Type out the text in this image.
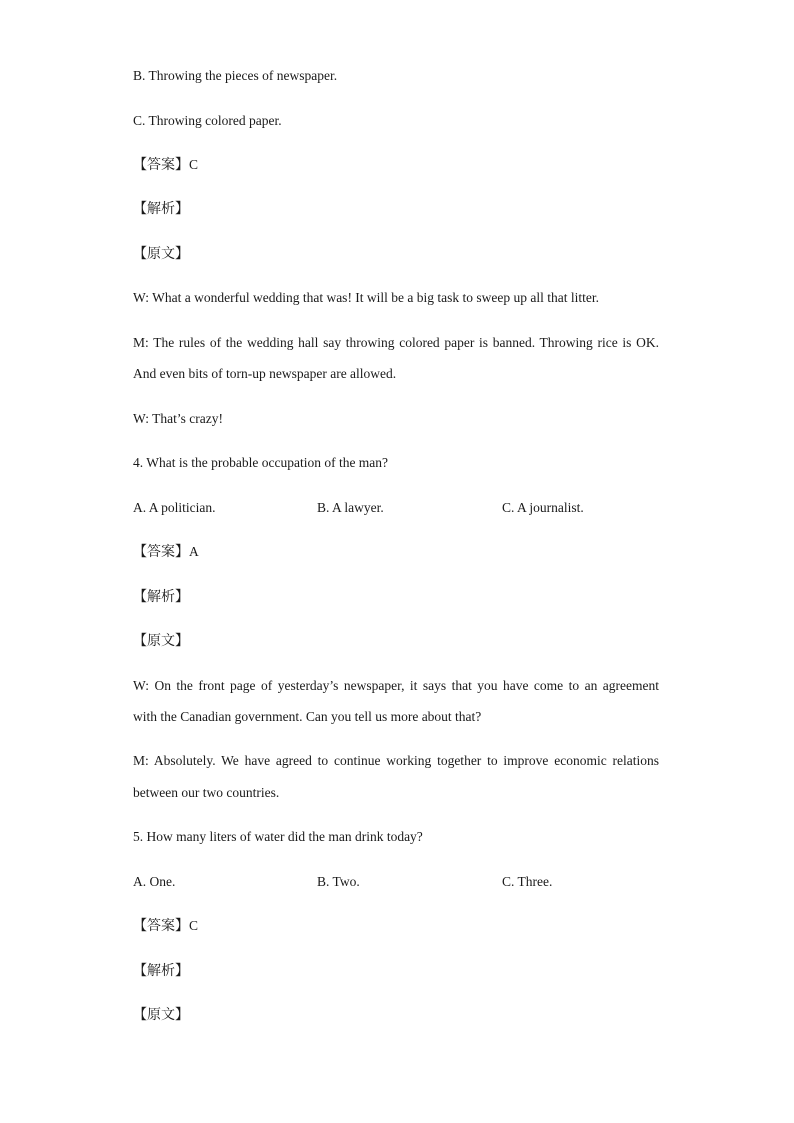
B. Throwing the pieces of newspaper.
C. Throwing colored paper.
【答案】C
【解析】
【原文】
W: What a wonderful wedding that was! It will be a big task to sweep up all that litter.
M: The rules of the wedding hall say throwing colored paper is banned. Throwing rice is OK.
And even bits of torn-up newspaper are allowed.
W: That’s crazy!
4. What is the probable occupation of the man?
A. A politician.	B. A lawyer.	C. A journalist.
【答案】A
【解析】
【原文】
W: On the front page of yesterday’s newspaper, it says that you have come to an agreement
with the Canadian government. Can you tell us more about that?
M: Absolutely. We have agreed to continue working together to improve economic relations
between our two countries.
5. How many liters of water did the man drink today?
A. One.	B. Two.	C. Three.
【答案】C
【解析】
【原文】
